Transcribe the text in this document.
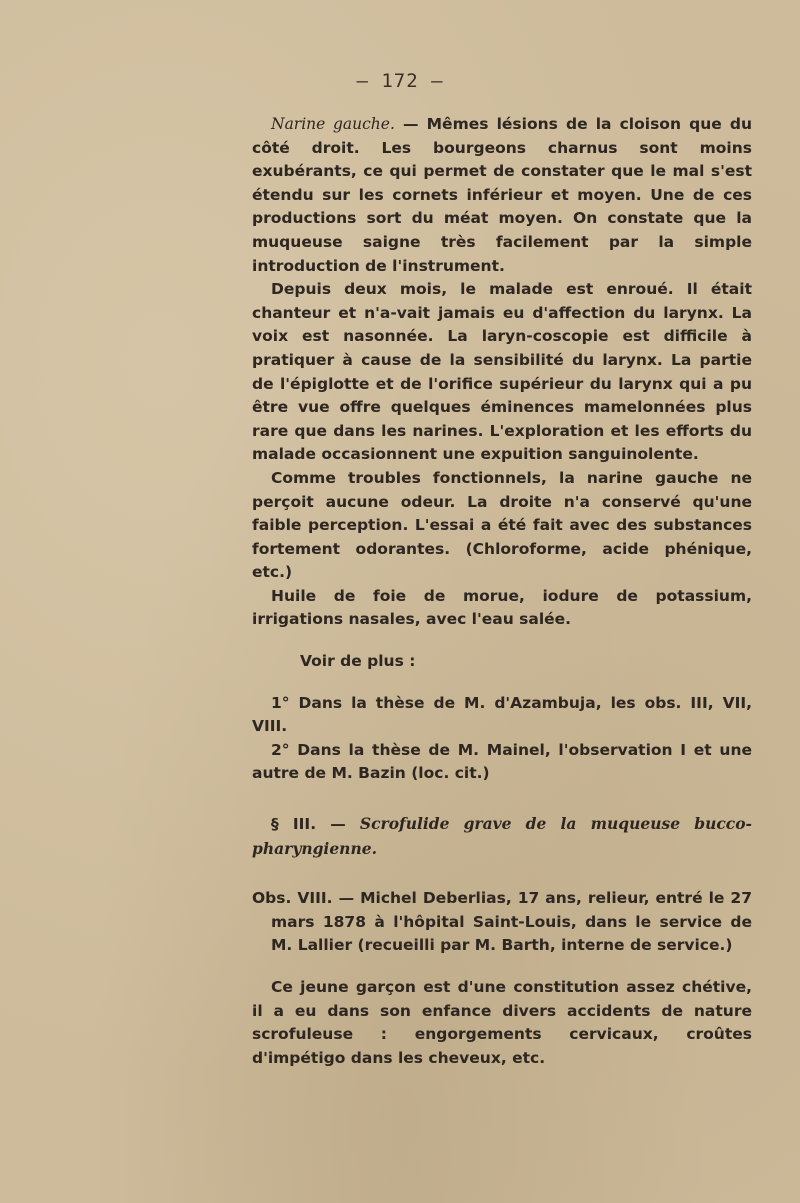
— 172 —

Narine gauche. — Mêmes lésions de la cloison que du côté droit. Les bourgeons charnus sont moins exubérants, ce qui permet de constater que le mal s'est étendu sur les cornets inférieur et moyen. Une de ces productions sort du méat moyen. On constate que la muqueuse saigne très facilement par la simple introduction de l'instrument.

Depuis deux mois, le malade est enroué. Il était chanteur et n'a-vait jamais eu d'affection du larynx. La voix est nasonnée. La laryn-coscopie est difficile à pratiquer à cause de la sensibilité du larynx. La partie de l'épiglotte et de l'orifice supérieur du larynx qui a pu être vue offre quelques éminences mamelonnées plus rare que dans les narines. L'exploration et les efforts du malade occasionnent une expuition sanguinolente.

Comme troubles fonctionnels, la narine gauche ne perçoit aucune odeur. La droite n'a conservé qu'une faible perception. L'essai a été fait avec des substances fortement odorantes. (Chloroforme, acide phénique, etc.)

Huile de foie de morue, iodure de potassium, irrigations nasales, avec l'eau salée.

Voir de plus :

1° Dans la thèse de M. d'Azambuja, les obs. III, VII, VIII.

2° Dans la thèse de M. Mainel, l'observation I et une autre de M. Bazin (loc. cit.)

§ III. — Scrofulide grave de la muqueuse bucco-pharyngienne.

Obs. VIII. — Michel Deberlias, 17 ans, relieur, entré le 27 mars 1878 à l'hôpital Saint-Louis, dans le service de M. Lallier (recueilli par M. Barth, interne de service.)

Ce jeune garçon est d'une constitution assez chétive, il a eu dans son enfance divers accidents de nature scrofuleuse : engorgements cervicaux, croûtes d'impétigo dans les cheveux, etc.
